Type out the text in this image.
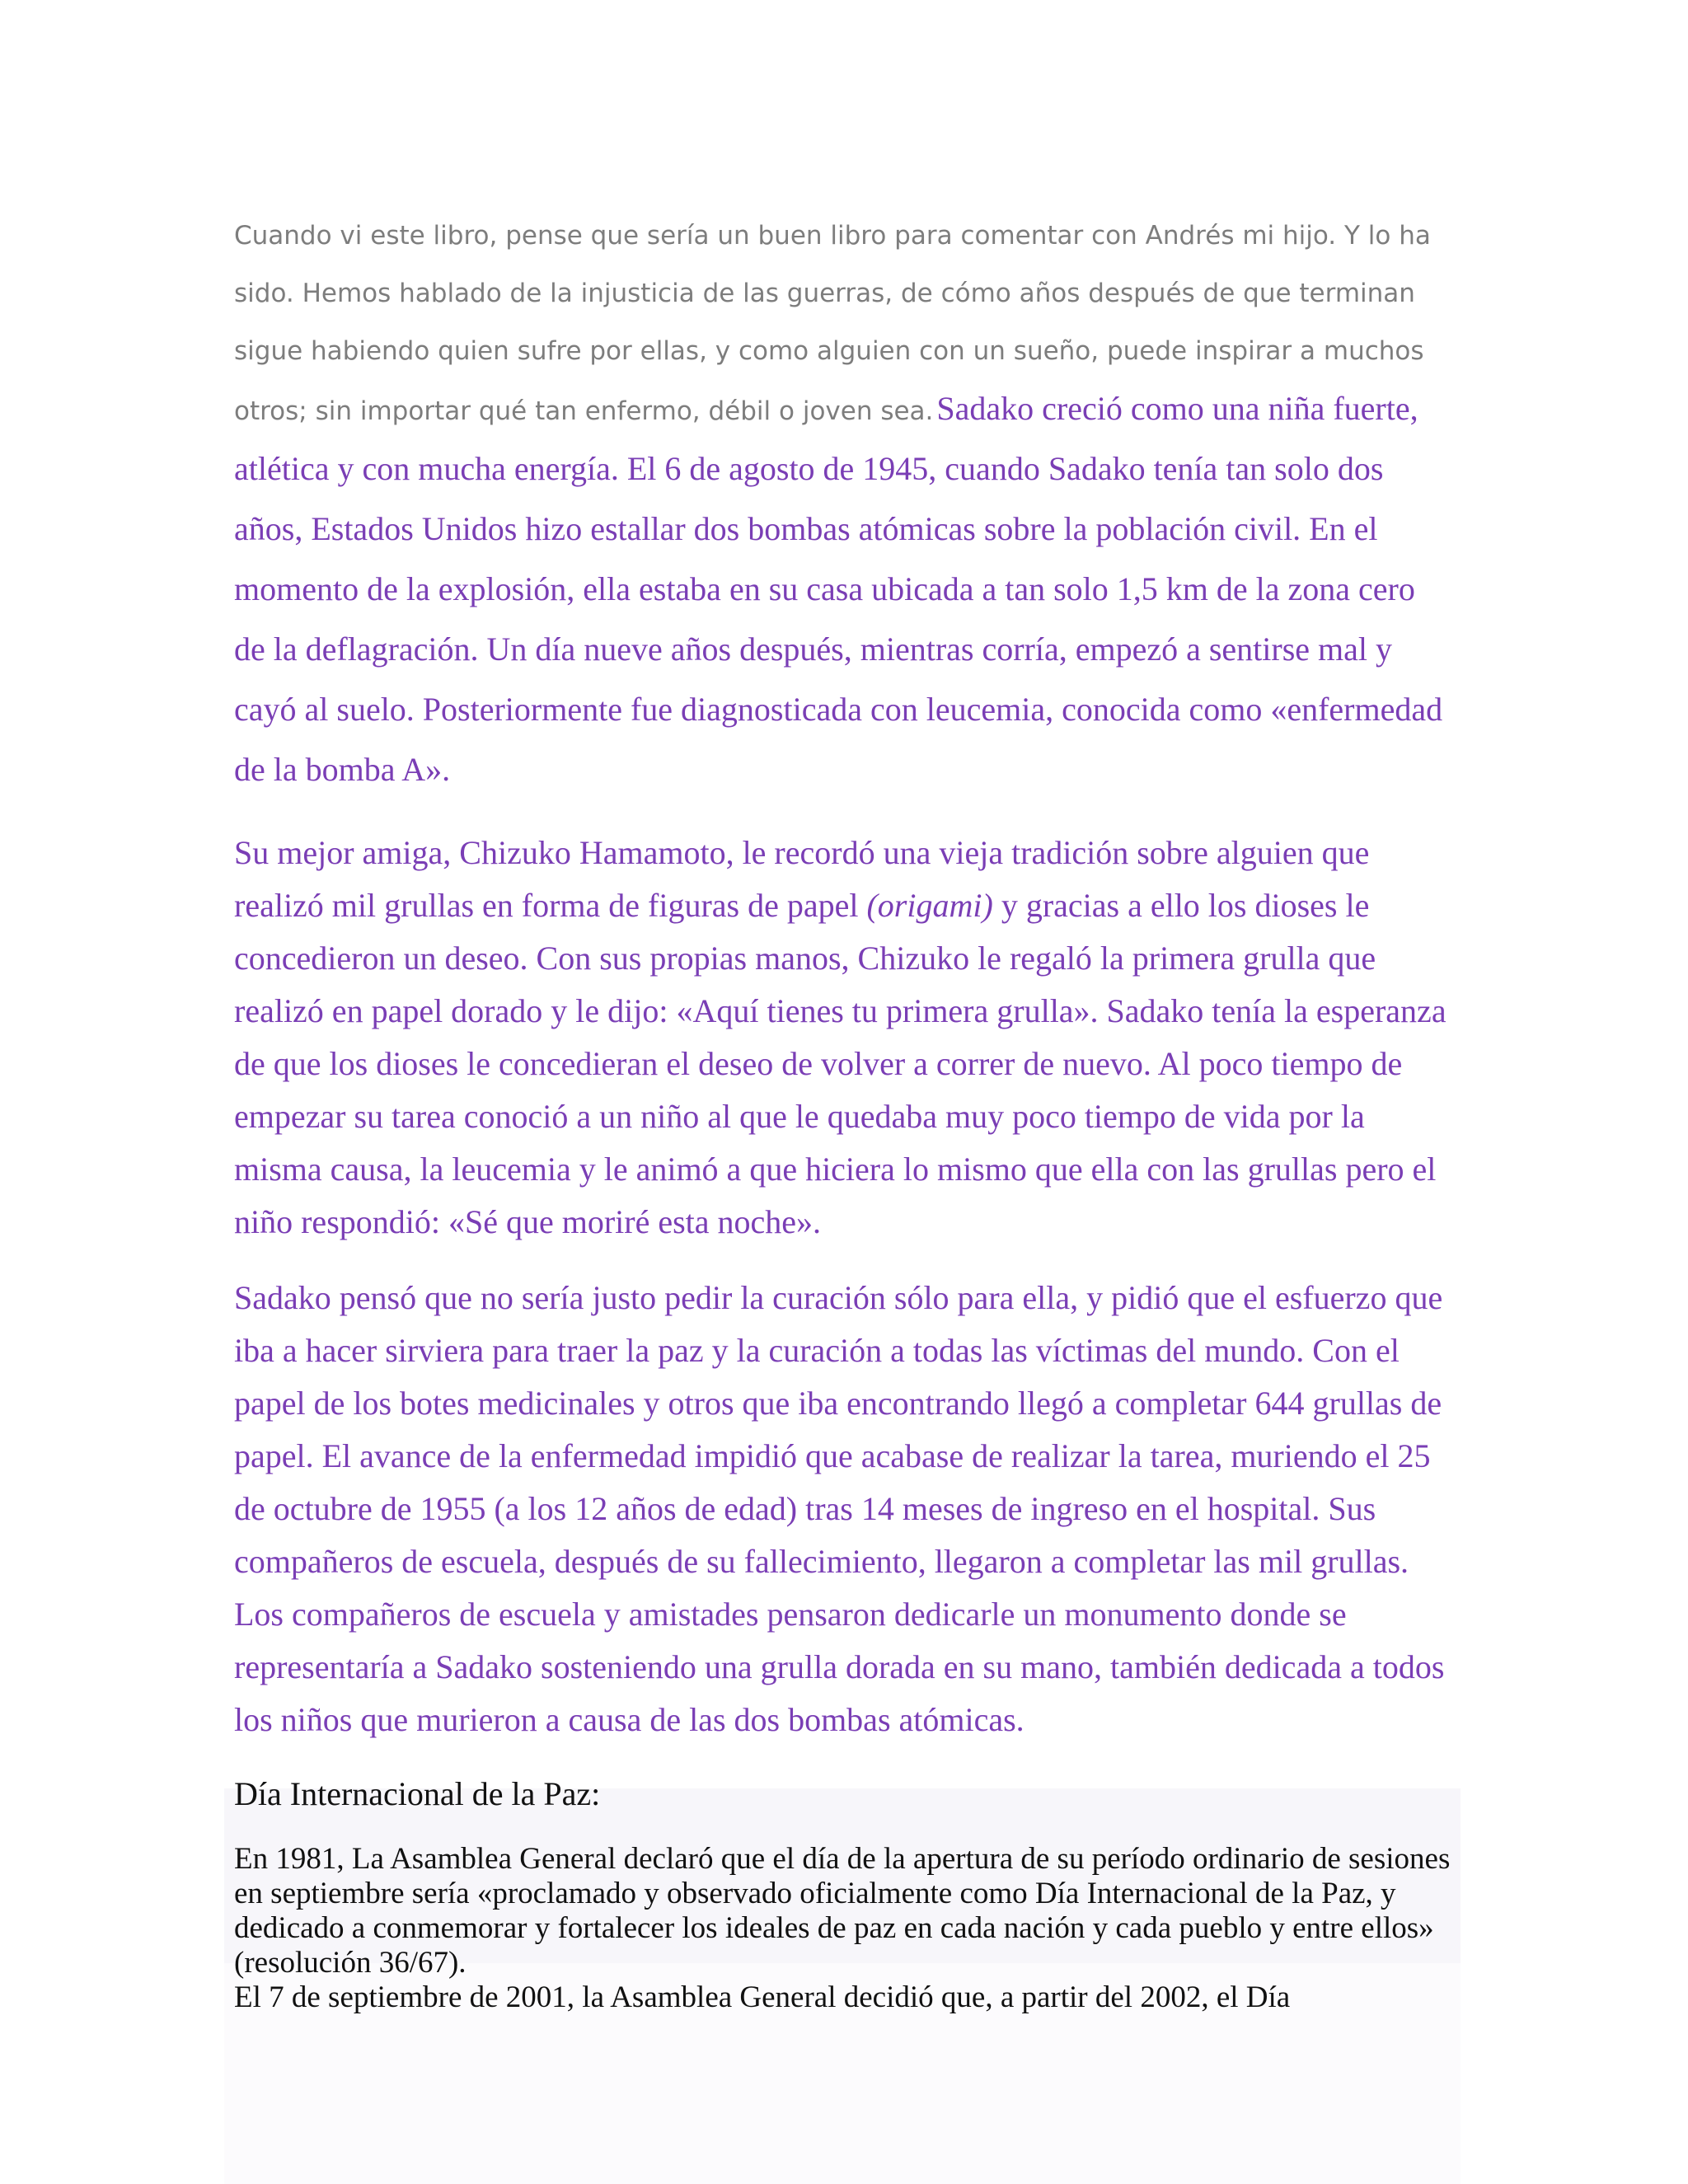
Cuando vi este libro, pense que sería un buen libro para comentar con Andrés mi hijo. Y lo ha sido. Hemos hablado de la injusticia de las guerras, de cómo años después de que terminan sigue habiendo quien sufre por ellas, y como alguien con un sueño, puede inspirar a muchos otros; sin importar qué tan enfermo, débil o joven sea. Sadako creció como una niña fuerte, atlética y con mucha energía. El 6 de agosto de 1945, cuando Sadako tenía tan solo dos años, Estados Unidos hizo estallar dos bombas atómicas sobre la población civil. En el momento de la explosión, ella estaba en su casa ubicada a tan solo 1,5 km de la zona cero de la deflagración. Un día nueve años después, mientras corría, empezó a sentirse mal y cayó al suelo. Posteriormente fue diagnosticada con leucemia, conocida como «enfermedad de la bomba A».

Su mejor amiga, Chizuko Hamamoto, le recordó una vieja tradición sobre alguien que realizó mil grullas en forma de figuras de papel (origami) y gracias a ello los dioses le concedieron un deseo. Con sus propias manos, Chizuko le regaló la primera grulla que realizó en papel dorado y le dijo: «Aquí tienes tu primera grulla». Sadako tenía la esperanza de que los dioses le concedieran el deseo de volver a correr de nuevo. Al poco tiempo de empezar su tarea conoció a un niño al que le quedaba muy poco tiempo de vida por la misma causa, la leucemia y le animó a que hiciera lo mismo que ella con las grullas pero el niño respondió: «Sé que moriré esta noche».

Sadako pensó que no sería justo pedir la curación sólo para ella, y pidió que el esfuerzo que iba a hacer sirviera para traer la paz y la curación a todas las víctimas del mundo. Con el papel de los botes medicinales y otros que iba encontrando llegó a completar 644 grullas de papel. El avance de la enfermedad impidió que acabase de realizar la tarea, muriendo el 25 de octubre de 1955 (a los 12 años de edad) tras 14 meses de ingreso en el hospital. Sus compañeros de escuela, después de su fallecimiento, llegaron a completar las mil grullas. Los compañeros de escuela y amistades pensaron dedicarle un monumento donde se representaría a Sadako sosteniendo una grulla dorada en su mano, también dedicada a todos los niños que murieron a causa de las dos bombas atómicas.

Día Internacional de la Paz:

En 1981, La Asamblea General declaró que el día de la apertura de su período ordinario de sesiones en septiembre sería «proclamado y observado oficialmente como Día Internacional de la Paz, y dedicado a conmemorar y fortalecer los ideales de paz en cada nación y cada pueblo y entre ellos» (resolución 36/67).
El 7 de septiembre de 2001, la Asamblea General decidió que, a partir del 2002, el Día
